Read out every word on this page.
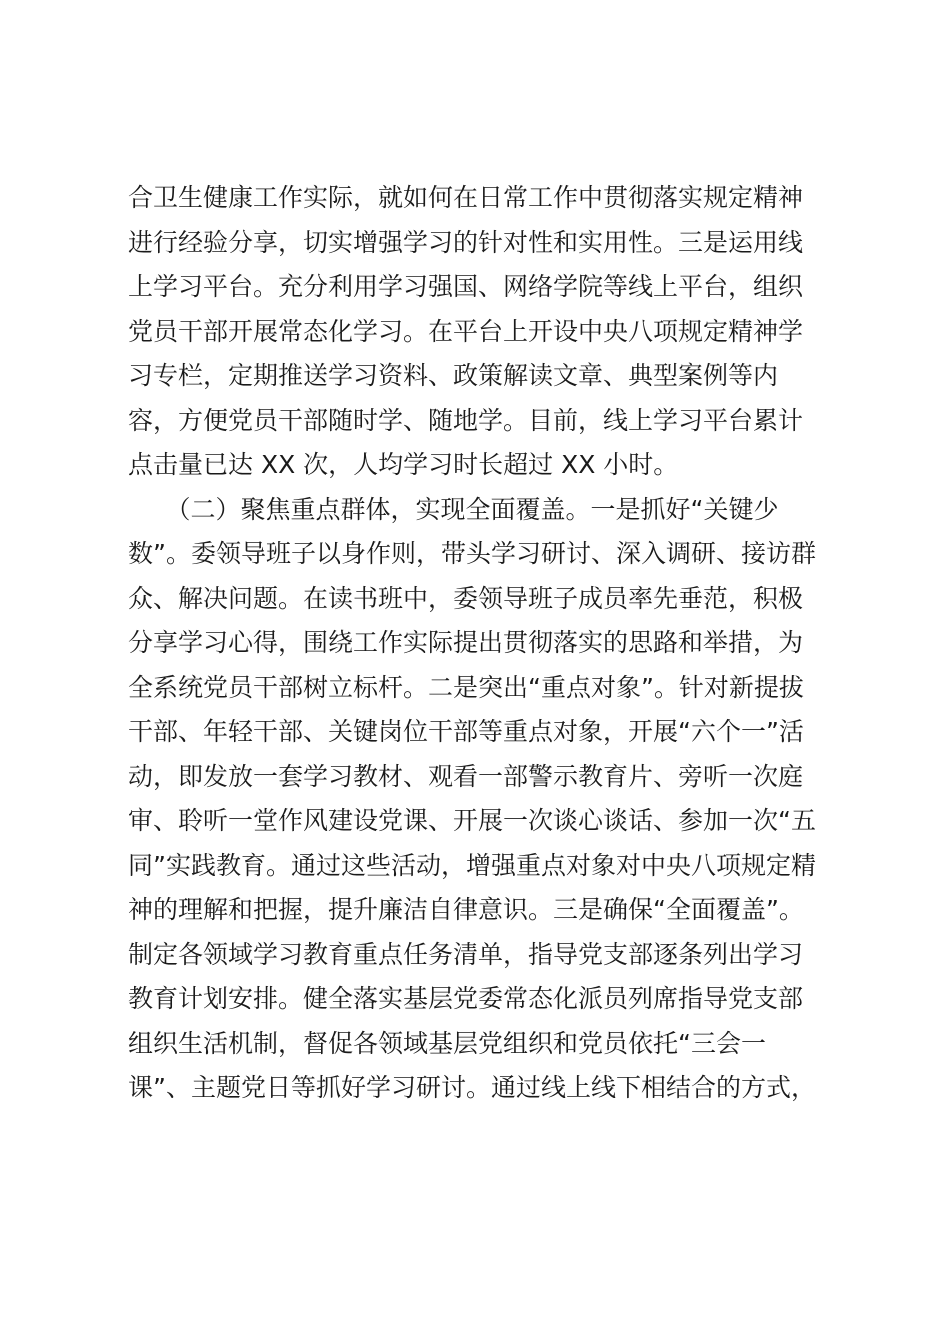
合卫生健康工作实际，就如何在日常工作中贯彻落实规定精神
进行经验分享，切实增强学习的针对性和实用性。三是运用线
上学习平台。充分利用学习强国、网络学院等线上平台，组织
党员干部开展常态化学习。在平台上开设中央八项规定精神学
习专栏，定期推送学习资料、政策解读文章、典型案例等内
容，方便党员干部随时学、随地学。目前，线上学习平台累计
点击量已达 XX 次，人均学习时长超过 XX 小时。
　　（二）聚焦重点群体，实现全面覆盖。一是抓好“关键少
数”。委领导班子以身作则，带头学习研讨、深入调研、接访群
众、解决问题。在读书班中，委领导班子成员率先垂范，积极
分享学习心得，围绕工作实际提出贯彻落实的思路和举措，为
全系统党员干部树立标杆。二是突出“重点对象”。针对新提拔
干部、年轻干部、关键岗位干部等重点对象，开展“六个一”活
动，即发放一套学习教材、观看一部警示教育片、旁听一次庭
审、聆听一堂作风建设党课、开展一次谈心谈话、参加一次“五
同”实践教育。通过这些活动，增强重点对象对中央八项规定精
神的理解和把握，提升廉洁自律意识。三是确保“全面覆盖”。
制定各领域学习教育重点任务清单，指导党支部逐条列出学习
教育计划安排。健全落实基层党委常态化派员列席指导党支部
组织生活机制，督促各领域基层党组织和党员依托“三会一
课”、主题党日等抓好学习研讨。通过线上线下相结合的方式，
